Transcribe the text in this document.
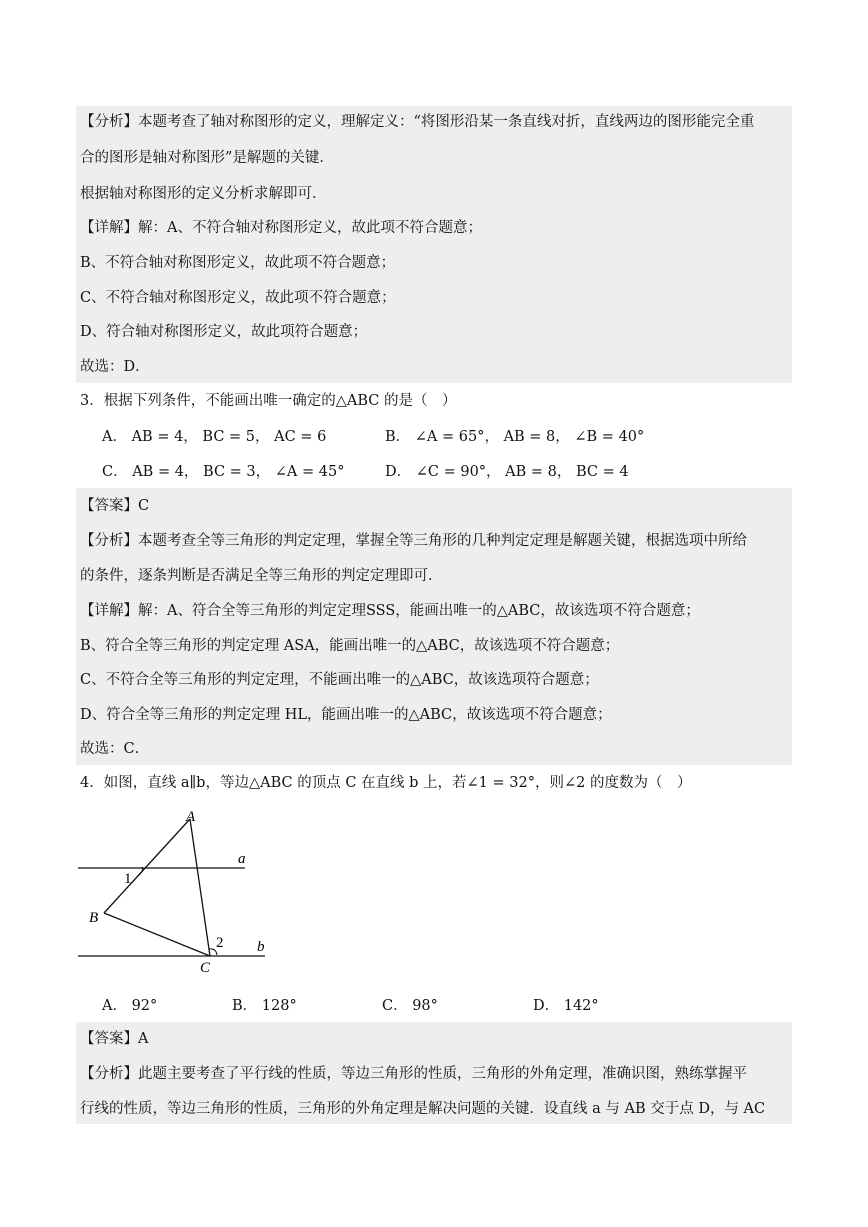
【分析】本题考查了轴对称图形的定义，理解定义：“将图形沿某一条直线对折，直线两边的图形能完全重
合的图形是轴对称图形”是解题的关键．
根据轴对称图形的定义分析求解即可．
【详解】解：A、不符合轴对称图形定义，故此项不符合题意；
B、不符合轴对称图形定义，故此项不符合题意；
C、不符合轴对称图形定义，故此项不符合题意；
D、符合轴对称图形定义，故此项符合题意；
故选：D．
3．根据下列条件，不能画出唯一确定的△ABC 的是（　）
A． AB = 4， BC = 5， AC = 6	B． ∠A = 65°， AB = 8， ∠B = 40°
C． AB = 4， BC = 3， ∠A = 45°	D． ∠C = 90°， AB = 8， BC = 4
【答案】C
【分析】本题考查全等三角形的判定定理，掌握全等三角形的几种判定定理是解题关键，根据选项中所给
的条件，逐条判断是否满足全等三角形的判定定理即可．
【详解】解：A、符合全等三角形的判定定理SSS，能画出唯一的△ABC，故该选项不符合题意；
B、符合全等三角形的判定定理 ASA，能画出唯一的△ABC，故该选项不符合题意；
C、不符合全等三角形的判定定理，不能画出唯一的△ABC，故该选项符合题意；
D、符合全等三角形的判定定理 HL，能画出唯一的△ABC，故该选项不符合题意；
故选：C．
4．如图，直线 a∥b，等边△ABC 的顶点 C 在直线 b 上，若∠1 = 32°，则∠2 的度数为（　）
A
B
C
a
b
1
2
A． 92°	B． 128°	C． 98°	D． 142°
【答案】A
【分析】此题主要考查了平行线的性质，等边三角形的性质，三角形的外角定理，准确识图，熟练掌握平
行线的性质，等边三角形的性质，三角形的外角定理是解决问题的关键．设直线 a 与 AB 交于点 D，与 AC
